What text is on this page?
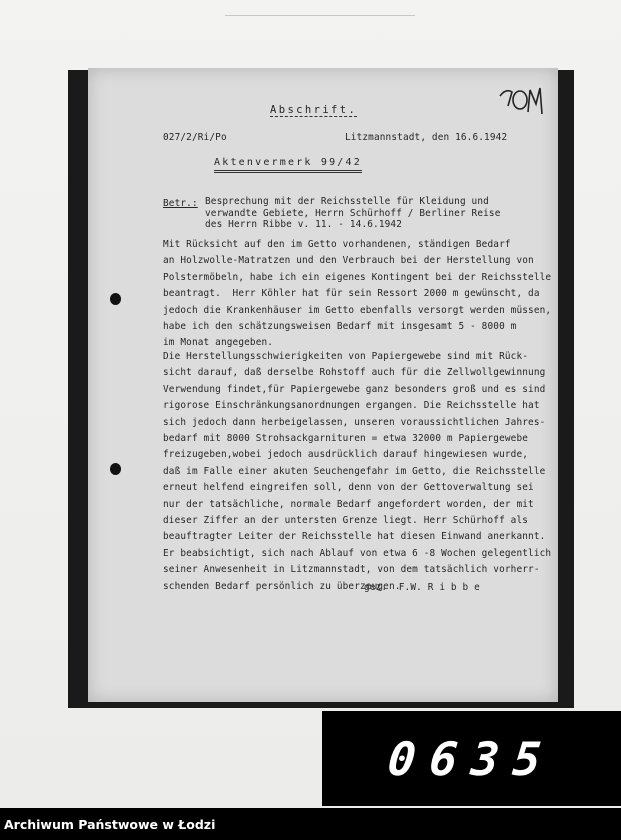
Abschrift.
027/2/Ri/Po	Litzmannstadt, den 16.6.1942
Aktenvermerk 99/42
Betr.: Besprechung mit der Reichsstelle für Kleidung und
verwandte Gebiete, Herrn Schürhoff / Berliner Reise
des Herrn Ribbe v. 11. - 14.6.1942
Mit Rücksicht auf den im Getto vorhandenen, ständigen Bedarf
an Holzwolle-Matratzen und den Verbrauch bei der Herstellung von
Polstermöbeln, habe ich ein eigenes Kontingent bei der Reichsstelle
beantragt.  Herr Köhler hat für sein Ressort 2000 m gewünscht, da
jedoch die Krankenhäuser im Getto ebenfalls versorgt werden müssen,
habe ich den schätzungsweisen Bedarf mit insgesamt 5 - 8000 m
im Monat angegeben.
Die Herstellungsschwierigkeiten von Papiergewebe sind mit Rück-
sicht darauf, daß derselbe Rohstoff auch für die Zellwollgewinnung
Verwendung findet,für Papiergewebe ganz besonders groß und es sind
rigorose Einschränkungsanordnungen ergangen. Die Reichsstelle hat
sich jedoch dann herbeigelassen, unseren voraussichtlichen Jahres-
bedarf mit 8000 Strohsackgarnituren = etwa 32000 m Papiergewebe
freizugeben,wobei jedoch ausdrücklich darauf hingewiesen wurde,
daß im Falle einer akuten Seuchengefahr im Getto, die Reichsstelle
erneut helfend eingreifen soll, denn von der Gettoverwaltung sei
nur der tatsächliche, normale Bedarf angefordert worden, der mit
dieser Ziffer an der untersten Grenze liegt. Herr Schürhoff als
beauftragter Leiter der Reichsstelle hat diesen Einwand anerkannt.
Er beabsichtigt, sich nach Ablauf von etwa 6 -8 Wochen gelegentlich
seiner Anwesenheit in Litzmannstadt, von dem tatsächlich vorherr-
schenden Bedarf persönlich zu überzeugen.
gez.  F.W. R i b b e
0635
Archiwum Państwowe w Łodzi
